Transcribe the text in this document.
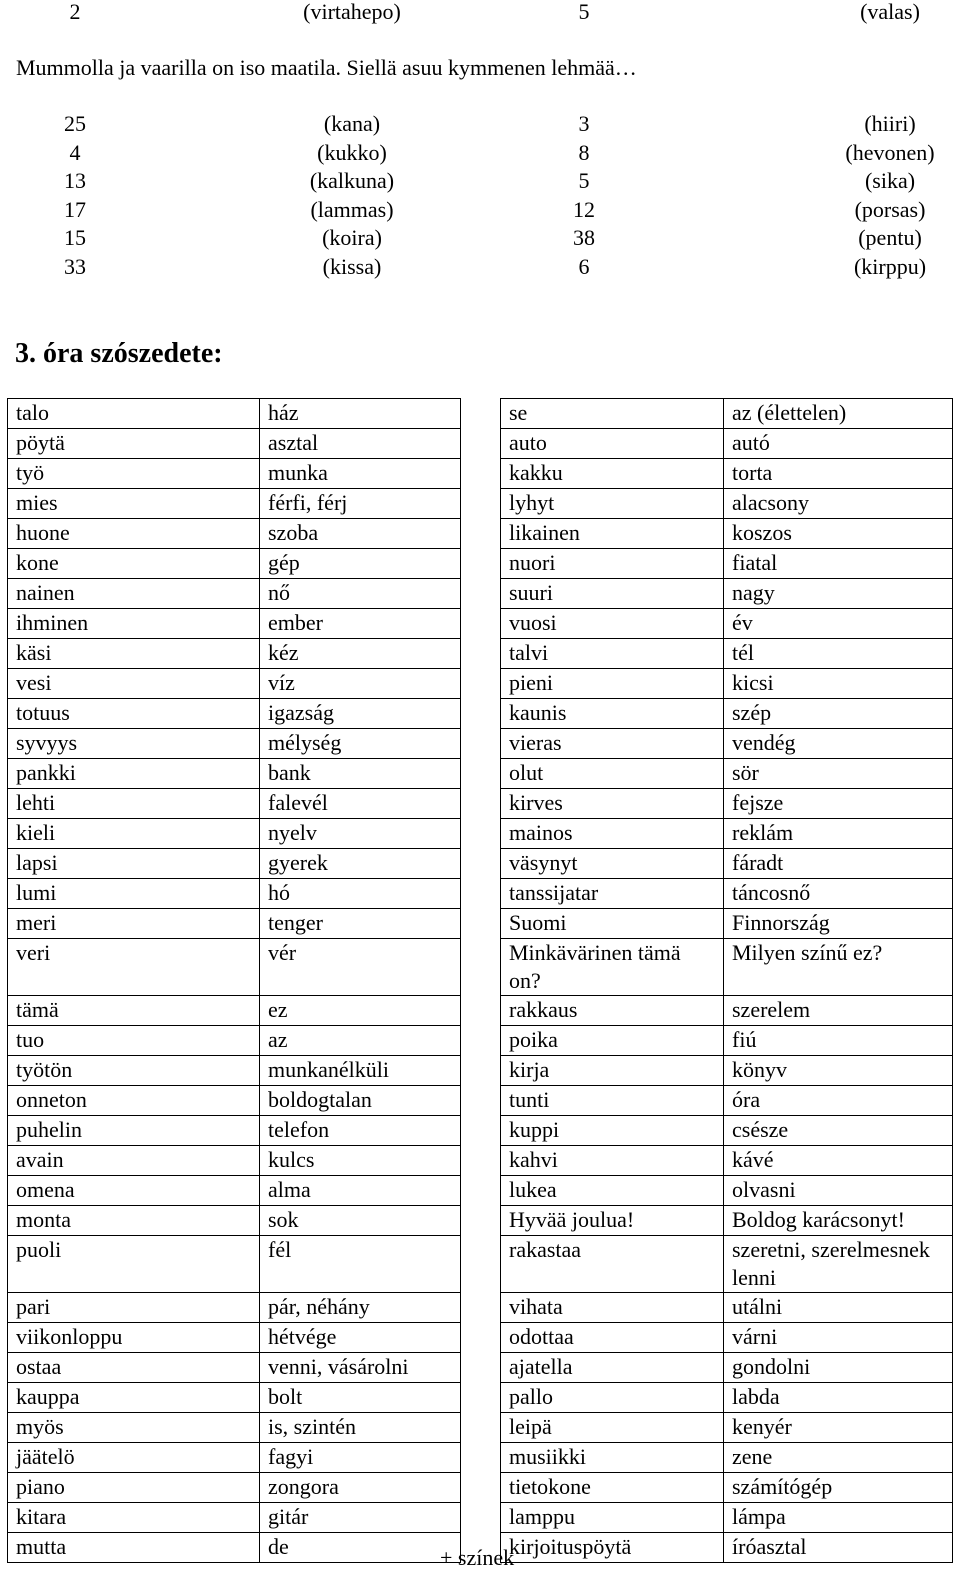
2	(virtahepo)	5	(valas)
Mummolla ja vaarilla on iso maatila. Siellä asuu kymmenen lehmää…
25	(kana)	3	(hiiri)
4	(kukko)	8	(hevonen)
13	(kalkuna)	5	(sika)
17	(lammas)	12	(porsas)
15	(koira)	38	(pentu)
33	(kissa)	6	(kirppu)
3. óra szószedete:
talo	ház
pöytä	asztal
työ	munka
mies	férfi, férj
huone	szoba
kone	gép
nainen	nő
ihminen	ember
käsi	kéz
vesi	víz
totuus	igazság
syvyys	mélység
pankki	bank
lehti	falevél
kieli	nyelv
lapsi	gyerek
lumi	hó
meri	tenger
veri	vér
tämä	ez
tuo	az
työtön	munkanélküli
onneton	boldogtalan
puhelin	telefon
avain	kulcs
omena	alma
monta	sok
puoli	fél
pari	pár, néhány
viikonloppu	hétvége
ostaa	venni, vásárolni
kauppa	bolt
myös	is, szintén
jäätelö	fagyi
piano	zongora
kitara	gitár
mutta	de
se	az (élettelen)
auto	autó
kakku	torta
lyhyt	alacsony
likainen	koszos
nuori	fiatal
suuri	nagy
vuosi	év
talvi	tél
pieni	kicsi
kaunis	szép
vieras	vendég
olut	sör
kirves	fejsze
mainos	reklám
väsynyt	fáradt
tanssijatar	táncosnő
Suomi	Finnország
Minkävärinen tämä on?	Milyen színű ez?
rakkaus	szerelem
poika	fiú
kirja	könyv
tunti	óra
kuppi	csésze
kahvi	kávé
lukea	olvasni
Hyvää joulua!	Boldog karácsonyt!
rakastaa	szeretni, szerelmesnek lenni
vihata	utálni
odottaa	várni
ajatella	gondolni
pallo	labda
leipä	kenyér
musiikki	zene
tietokone	számítógép
lamppu	lámpa
kirjoituspöytä	íróasztal
+ színek
